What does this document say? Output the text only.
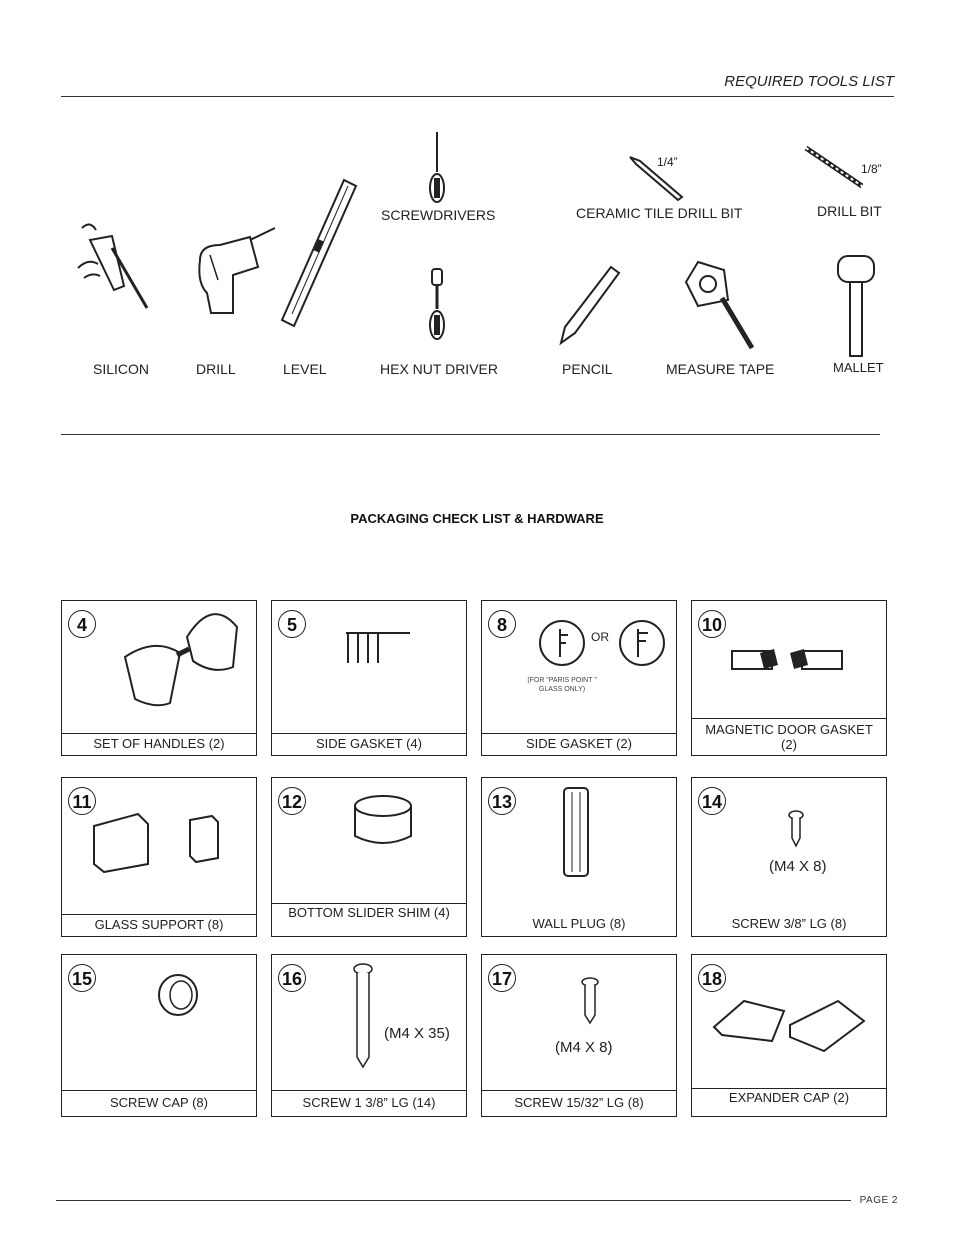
REQUIRED TOOLS LIST
1/4”	1/8”
SILICON	DRILL	LEVEL
SCREWDRIVERS
HEX NUT DRIVER
CERAMIC TILE DRILL BIT	DRILL BIT
PENCIL	MEASURE TAPE	MALLET
PACKAGING CHECK LIST & HARDWARE
4
SET OF HANDLES (2)
5
SIDE GASKET (4)
8
OR
(FOR “PARIS POINT ” GLASS ONLY)
SIDE GASKET (2)
10
MAGNETIC DOOR GASKET (2)
11
GLASS SUPPORT (8)
12
BOTTOM SLIDER SHIM (4)
13
WALL PLUG (8)
14
(M4 X 8)
SCREW 3/8” LG (8)
15
SCREW CAP (8)
16
(M4 X 35)
SCREW 1 3/8” LG (14)
17
(M4 X 8)
SCREW 15/32” LG (8)
18
EXPANDER CAP (2)
PAGE 2
